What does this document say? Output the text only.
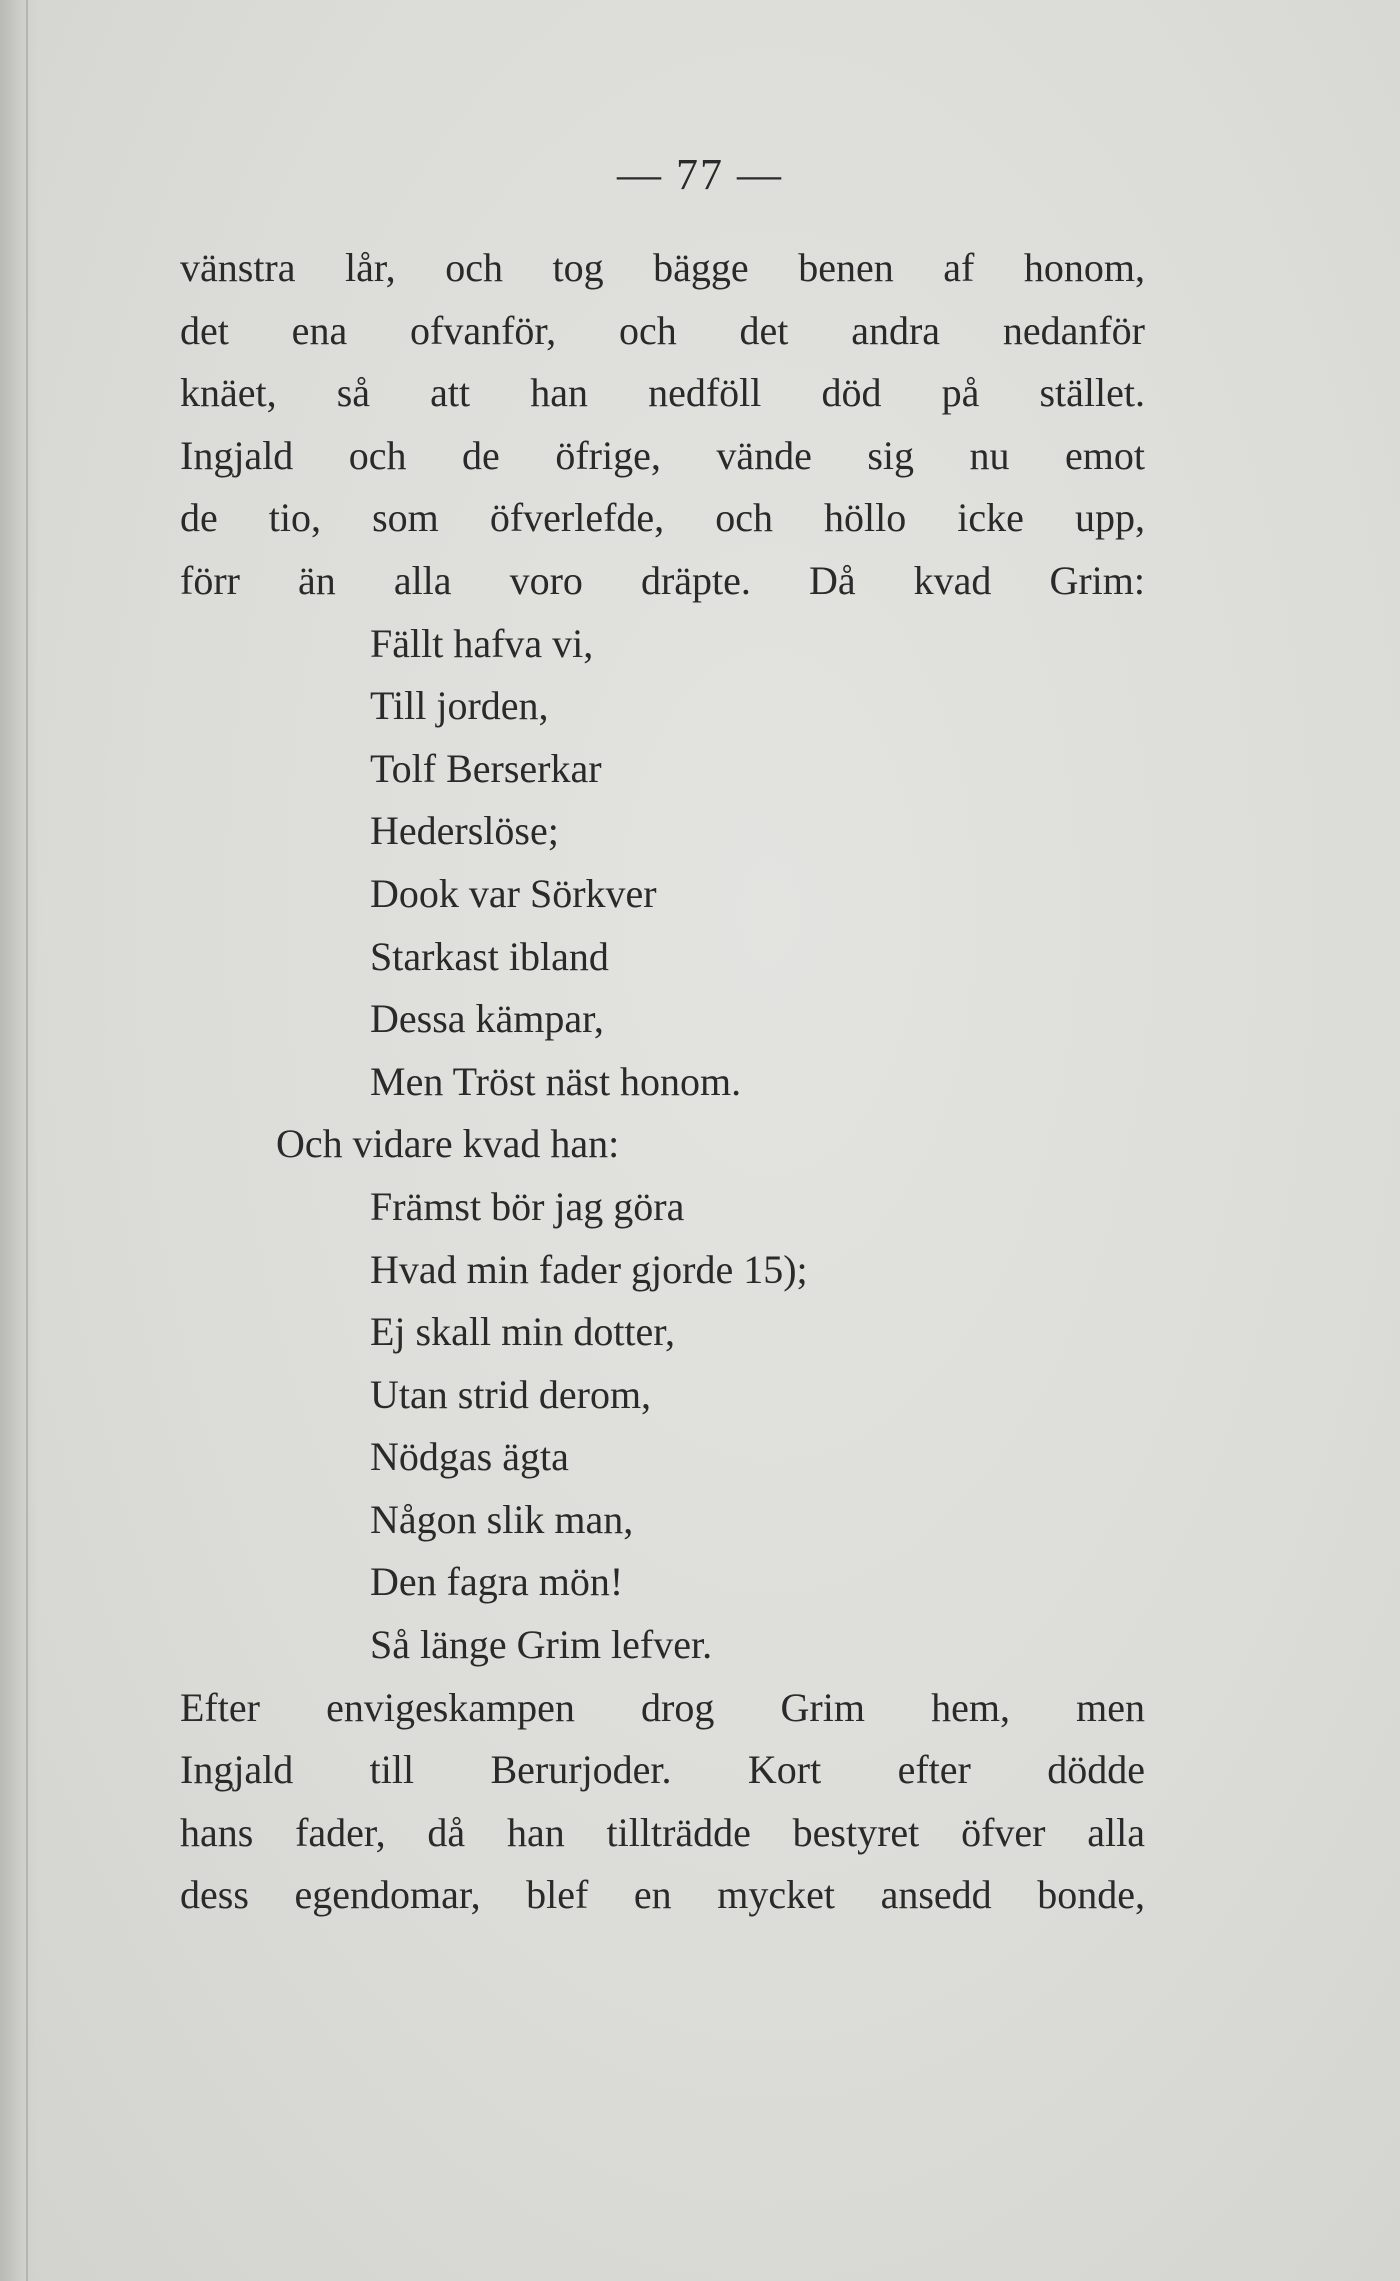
— 77 —
vänstra lår, och tog bägge benen af honom,
det ena ofvanför, och det andra nedanför
knäet, så att han nedföll död på stället.
Ingjald och de öfrige, vände sig nu emot
de tio, som öfverlefde, och höllo icke upp,
förr än alla voro dräpte. Då kvad Grim:
Fällt hafva vi,
Till jorden,
Tolf Berserkar
Hederslöse;
Dook var Sörkver
Starkast ibland
Dessa kämpar,
Men Tröst näst honom.
Och vidare kvad han:
Främst bör jag göra
Hvad min fader gjorde 15);
Ej skall min dotter,
Utan strid derom,
Nödgas ägta
Någon slik man,
Den fagra mön!
Så länge Grim lefver.
Efter envigeskampen drog Grim hem, men
Ingjald till Berurjoder. Kort efter dödde
hans fader, då han tillträdde bestyret öfver alla
dess egendomar, blef en mycket ansedd bonde,
